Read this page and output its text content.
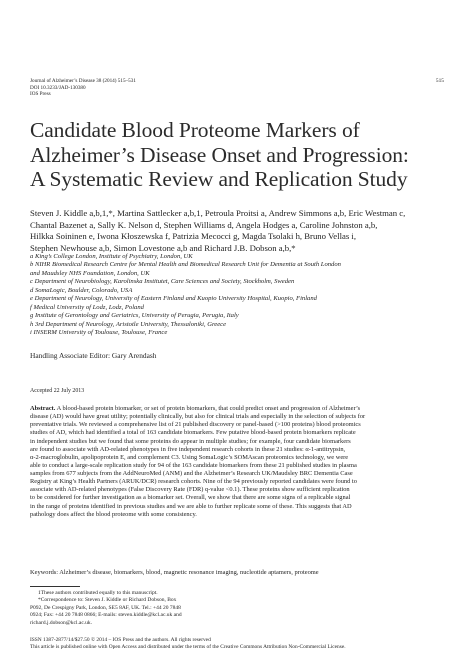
Journal of Alzheimer’s Disease 38 (2014) 515–531
DOI 10.3233/JAD-130380
IOS Press
515
Candidate Blood Proteome Markers of
Alzheimer’s Disease Onset and Progression:
A Systematic Review and Replication Study
Steven J. Kiddle a,b,1,*, Martina Sattlecker a,b,1, Petroula Proitsi a, Andrew Simmons a,b, Eric Westman c,
Chantal Bazenet a, Sally K. Nelson d, Stephen Williams d, Angela Hodges a, Caroline Johnston a,b,
Hilkka Soininen e, Iwona Kłoszewska f, Patrizia Mecocci g, Magda Tsolaki h, Bruno Vellas i,
Stephen Newhouse a,b, Simon Lovestone a,b and Richard J.B. Dobson a,b,*
a King’s College London, Institute of Psychiatry, London, UK
b NIHR Biomedical Research Centre for Mental Health and Biomedical Research Unit for Dementia at South London
and Maudsley NHS Foundation, London, UK
c Department of Neurobiology, Karolinska Institutet, Care Sciences and Society, Stockholm, Sweden
d SomaLogic, Boulder, Colorado, USA
e Department of Neurology, University of Eastern Finland and Kuopio University Hospital, Kuopio, Finland
f Medical University of Lodz, Lodz, Poland
g Institute of Gerontology and Geriatrics, University of Perugia, Perugia, Italy
h 3rd Department of Neurology, Aristotle University, Thessaloniki, Greece
i INSERM University of Toulouse, Toulouse, France
Handling Associate Editor: Gary Arendash
Accepted 22 July 2013
Abstract. A blood-based protein biomarker, or set of protein biomarkers, that could predict onset and progression of Alzheimer’s
disease (AD) would have great utility; potentially clinically, but also for clinical trials and especially in the selection of subjects for
preventative trials. We reviewed a comprehensive list of 21 published discovery or panel-based (>100 proteins) blood proteomics
studies of AD, which had identified a total of 163 candidate biomarkers. Few putative blood-based protein biomarkers replicate
in independent studies but we found that some proteins do appear in multiple studies; for example, four candidate biomarkers
are found to associate with AD-related phenotypes in five independent research cohorts in these 21 studies: α-1-antitrypsin,
α-2-macroglobulin, apolipoprotein E, and complement C3. Using SomaLogic’s SOMAscan proteomics technology, we were
able to conduct a large-scale replication study for 94 of the 163 candidate biomarkers from these 21 published studies in plasma
samples from 677 subjects from the AddNeuroMed (ANM) and the Alzheimer’s Research UK/Maudsley BRC Dementia Case
Registry at King’s Health Partners (ARUK/DCR) research cohorts. Nine of the 94 previously reported candidates were found to
associate with AD-related phenotypes (False Discovery Rate (FDR) q-value <0.1). These proteins show sufficient replication
to be considered for further investigation as a biomarker set. Overall, we show that there are some signs of a replicable signal
in the range of proteins identified in previous studies and we are able to further replicate some of these. This suggests that AD
pathology does affect the blood proteome with some consistency.
Keywords: Alzheimer’s disease, biomarkers, blood, magnetic resonance imaging, nucleotide aptamers, proteome
1These authors contributed equally to this manuscript.
*Correspondence to: Steven J. Kiddle or Richard Dobson, Box
P092, De Crespigny Park, London, SE5 8AF, UK. Tel.: +44 20 7848
0924; Fax: +44 20 7848 0866; E-mails: steven.kiddle@kcl.ac.uk and
richard.j.dobson@kcl.ac.uk.
ISSN 1387-2877/14/$27.50 © 2014 – IOS Press and the authors. All rights reserved
This article is published online with Open Access and distributed under the terms of the Creative Commons Attribution Non-Commercial License.
